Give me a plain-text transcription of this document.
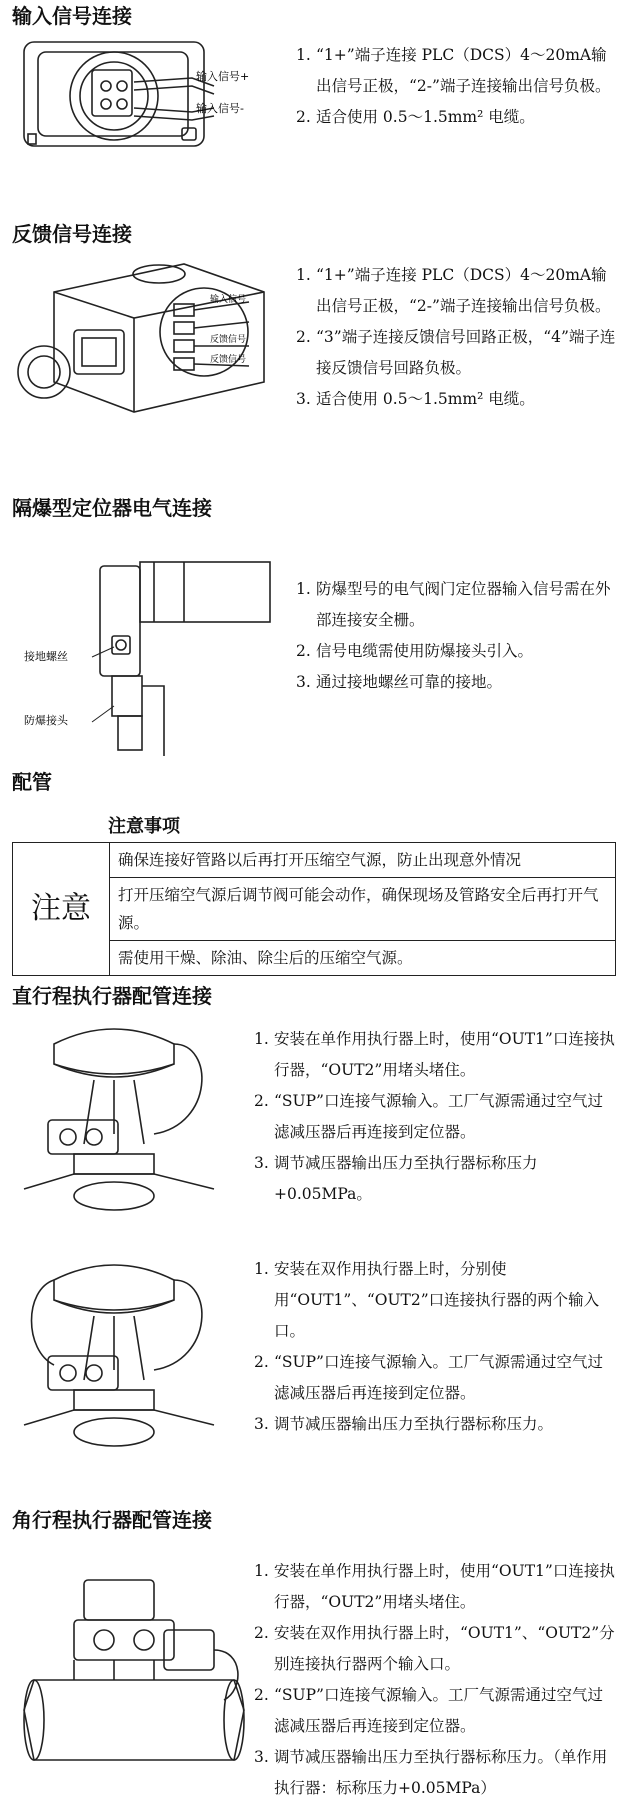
输入信号连接
输入信号+
输入信号-
1. “1+”端子连接 PLC（DCS）4～20mA输出信号正极，“2-”端子连接输出信号负极。
2. 适合使用 0.5～1.5mm² 电缆。
反馈信号连接
输入信号
反馈信号
反馈信号
1. “1+”端子连接 PLC（DCS）4～20mA输出信号正极，“2-”端子连接输出信号负极。
2. “3”端子连接反馈信号回路正极，“4”端子连接反馈信号回路负极。
3. 适合使用 0.5～1.5mm² 电缆。
隔爆型定位器电气连接
接地螺丝
防爆接头
1. 防爆型号的电气阀门定位器输入信号需在外部连接安全栅。
2. 信号电缆需使用防爆接头引入。
3. 通过接地螺丝可靠的接地。
配管
注意事项
注意	确保连接好管路以后再打开压缩空气源，防止出现意外情况
打开压缩空气源后调节阀可能会动作，确保现场及管路安全后再打开气源。
需使用干燥、除油、除尘后的压缩空气源。
直行程执行器配管连接
1. 安装在单作用执行器上时，使用“OUT1”口连接执行器，“OUT2”用堵头堵住。
2. “SUP”口连接气源输入。工厂气源需通过空气过滤减压器后再连接到定位器。
3. 调节减压器输出压力至执行器标称压力+0.05MPa。
1. 安装在双作用执行器上时，分别使用“OUT1”、“OUT2”口连接执行器的两个输入口。
2. “SUP”口连接气源输入。工厂气源需通过空气过滤减压器后再连接到定位器。
3. 调节减压器输出压力至执行器标称压力。
角行程执行器配管连接
1. 安装在单作用执行器上时，使用“OUT1”口连接执行器，“OUT2”用堵头堵住。
2. 安装在双作用执行器上时，“OUT1”、“OUT2”分别连接执行器两个输入口。
2. “SUP”口连接气源输入。工厂气源需通过空气过滤减压器后再连接到定位器。
3. 调节减压器输出压力至执行器标称压力。（单作用执行器：标称压力+0.05MPa）
